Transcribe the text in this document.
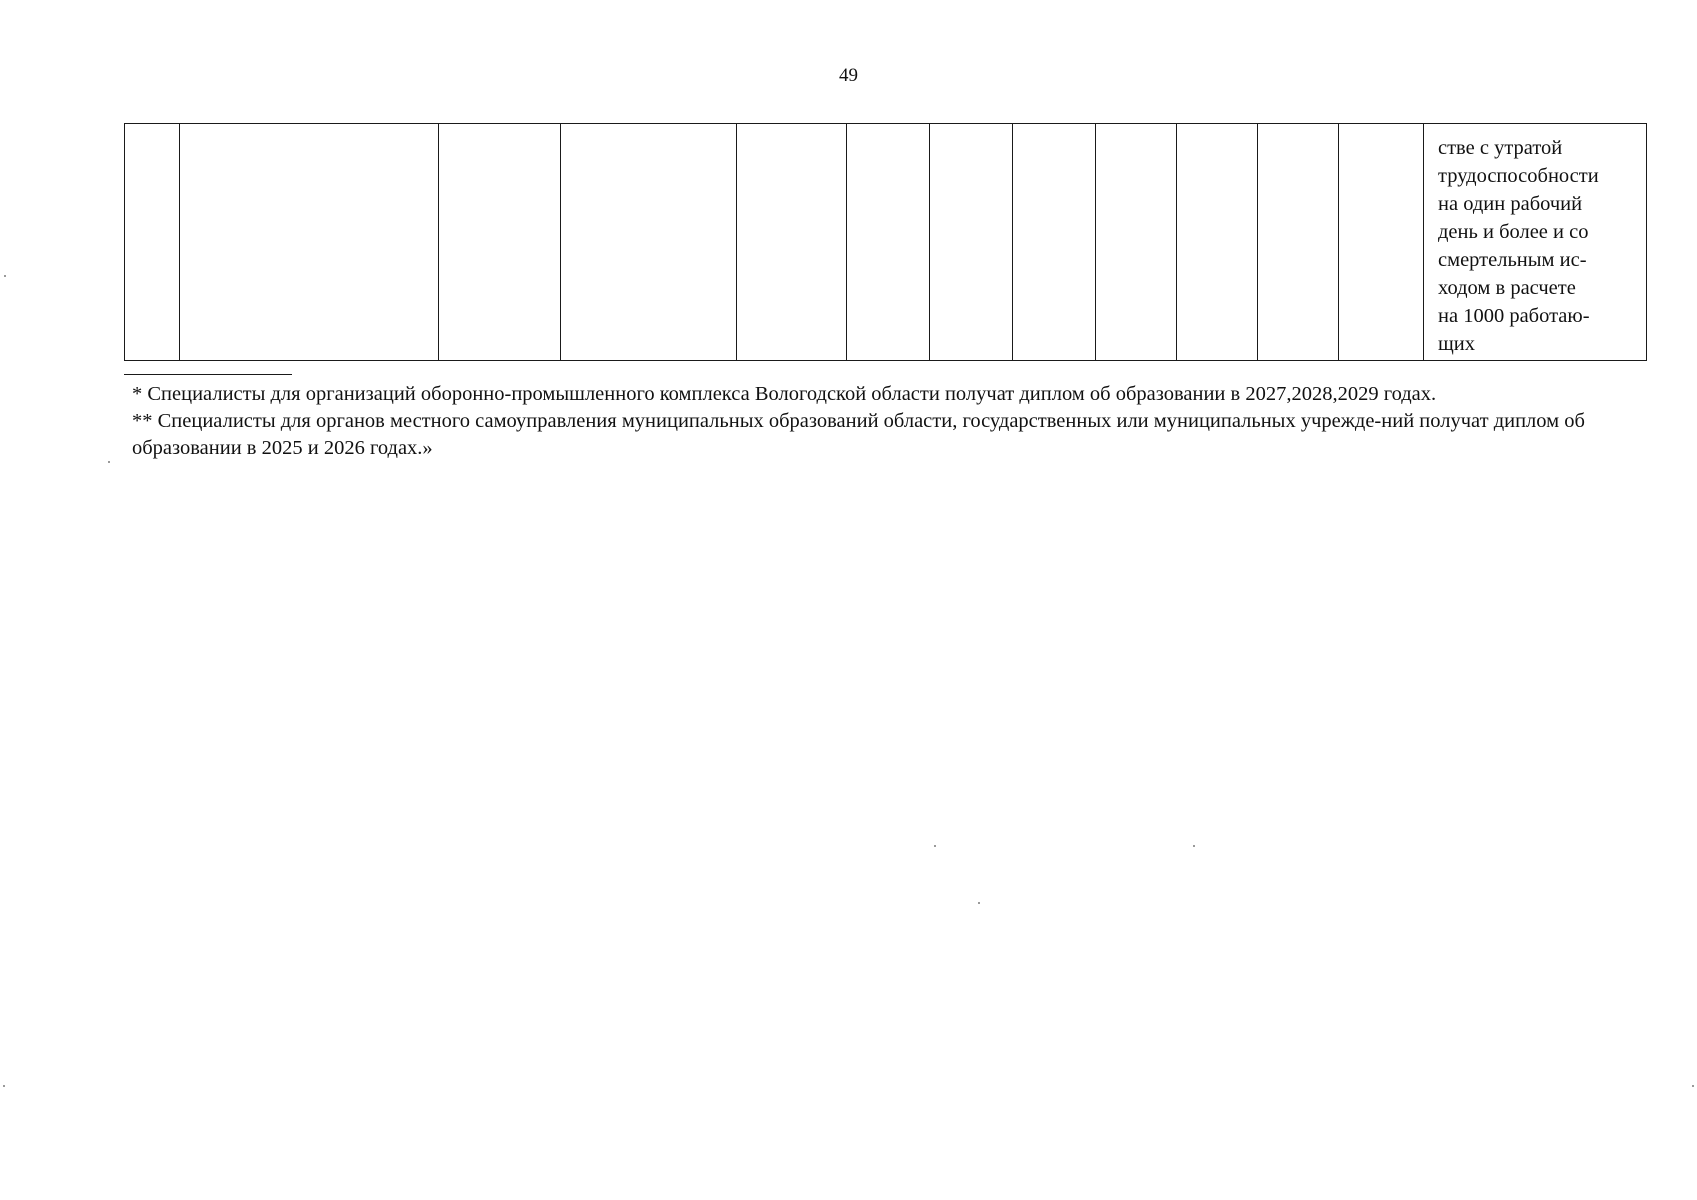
49
												стве с утратой
трудоспособности
на один рабочий
день и более и со
смертельным ис-
ходом в расчете
на 1000 работаю-
щих

* Специалисты для организаций оборонно-промышленного комплекса Вологодской области получат диплом об образовании в 2027,2028,2029 годах.

** Специалисты для органов местного самоуправления муниципальных образований области, государственных или муниципальных учрежде-ний получат диплом об образовании в 2025 и 2026 годах.»
